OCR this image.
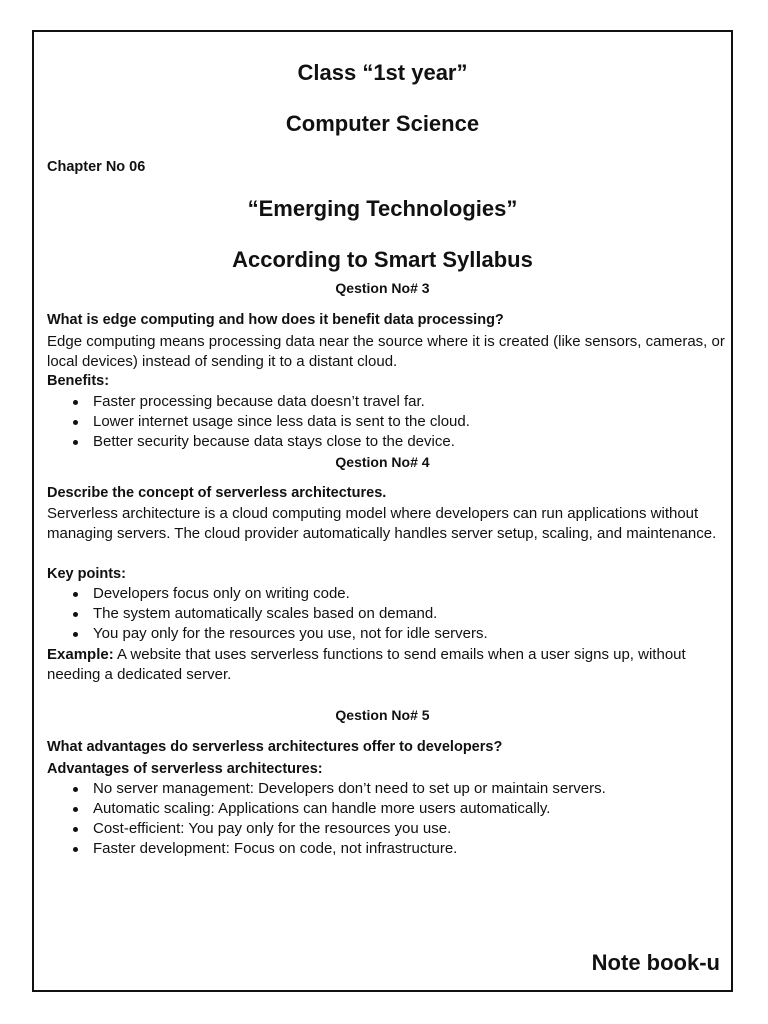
Class “1st year”
Computer Science
Chapter No 06
“Emerging Technologies”
According to Smart Syllabus
Qestion No# 3
What is edge computing and how does it benefit data processing?
Edge computing means processing data near the source where it is created (like sensors, cameras, or local devices) instead of sending it to a distant cloud.
Benefits:
Faster processing because data doesn’t travel far.
Lower internet usage since less data is sent to the cloud.
Better security because data stays close to the device.
Qestion No# 4
Describe the concept of serverless architectures.
Serverless architecture is a cloud computing model where developers can run applications without managing servers. The cloud provider automatically handles server setup, scaling, and maintenance.
Key points:
Developers focus only on writing code.
The system automatically scales based on demand.
You pay only for the resources you use, not for idle servers.
Example: A website that uses serverless functions to send emails when a user signs up, without needing a dedicated server.
Qestion No# 5
What advantages do serverless architectures offer to developers?
Advantages of serverless architectures:
No server management: Developers don’t need to set up or maintain servers.
Automatic scaling: Applications can handle more users automatically.
Cost-efficient: You pay only for the resources you use.
Faster development: Focus on code, not infrastructure.
Note book-u
